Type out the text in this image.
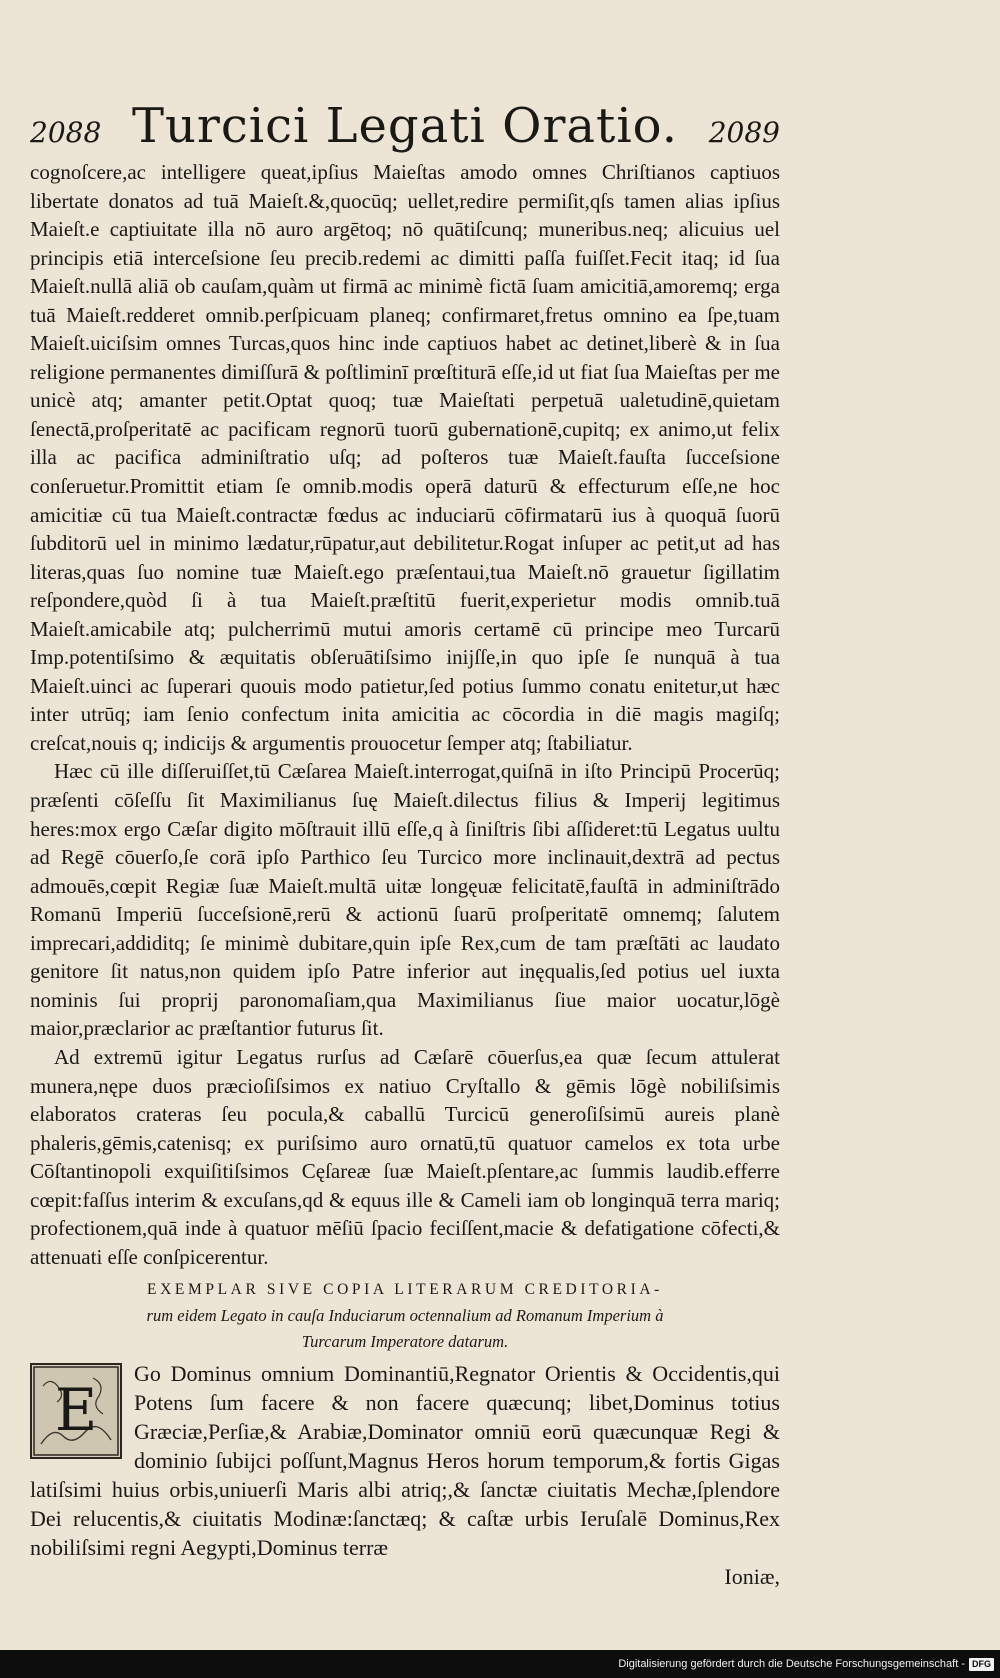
2088 Turcici Legati Oratio. 2089

cognoſcere,ac intelligere queat,ipſius Maieſtas amodo omnes Chriſtianos captiuos libertate donatos ad tuā Maieſt.&,quocūq; uellet,redire permiſit,qſs tamen alias ipſius Maieſt.e captiuitate illa nō auro argētoq; nō quātiſcunq; muneribus.neq; alicuius uel principis etiā interceſsione ſeu precib.redemi ac dimitti paſſa fuiſſet.Fecit itaq; id ſua Maieſt.nullā aliā ob cauſam,quàm ut firmā ac minimè fictā ſuam amicitiā,amoremq; erga tuā Maieſt.redderet omnib.perſpicuam planeq; confirmaret,fretus omnino ea ſpe,tuam Maieſt.uiciſsim omnes Turcas,quos hinc inde captiuos habet ac detinet,liberè & in ſua religione permanentes dimiſſurā & poſtliminī prœſtiturā eſſe,id ut fiat ſua Maieſtas per me unicè atq; amanter petit.Optat quoq; tuæ Maieſtati perpetuā ualetudinē,quietam ſenectā,proſperitatē ac pacificam regnorū tuorū gubernationē,cupitq; ex animo,ut felix illa ac pacifica adminiſtratio uſq; ad poſteros tuæ Maieſt.fauſta ſucceſsione conſeruetur.Promittit etiam ſe omnib.modis operā daturū & effecturum eſſe,ne hoc amicitiæ cū tua Maieſt.contractæ fœdus ac induciarū cōfirmatarū ius à quoquā ſuorū ſubditorū uel in minimo lædatur,rūpatur,aut debilitetur.Rogat inſuper ac petit,ut ad has literas,quas ſuo nomine tuæ Maieſt.ego præſentaui,tua Maieſt.nō grauetur ſigillatim reſpondere,quòd ſi à tua Maieſt.præſtitū fuerit,experietur modis omnib.tuā Maieſt.amicabile atq; pulcherrimū mutui amoris certamē cū principe meo Turcarū Imp.potentiſsimo & æquitatis obſeruātiſsimo inijſſe,in quo ipſe ſe nunquā à tua Maieſt.uinci ac ſuperari quouis modo patietur,ſed potius ſummo conatu enitetur,ut hæc inter utrūq; iam ſenio confectum inita amicitia ac cōcordia in diē magis magiſq; creſcat,nouis q; indicijs & argumentis prouocetur ſemper atq; ſtabiliatur.

Hæc cū ille diſſeruiſſet,tū Cæſarea Maieſt.interrogat,quiſnā in iſto Principū Procerūq; præſenti cōſeſſu ſit Maximilianus ſuę Maieſt.dilectus filius & Imperij legitimus heres:mox ergo Cæſar digito mōſtrauit illū eſſe,q à ſiniſtris ſibi aſſideret:tū Legatus uultu ad Regē cōuerſo,ſe corā ipſo Parthico ſeu Turcico more inclinauit,dextrā ad pectus admouēs,cœpit Regiæ ſuæ Maieſt.multā uitæ longęuæ felicitatē,fauſtā in adminiſtrādo Romanū Imperiū ſucceſsionē,rerū & actionū ſuarū proſperitatē omnemq; ſalutem imprecari,addiditq; ſe minimè dubitare,quin ipſe Rex,cum de tam præſtāti ac laudato genitore ſit natus,non quidem ipſo Patre inferior aut inęqualis,ſed potius uel iuxta nominis ſui proprij paronomaſiam,qua Maximilianus ſiue maior uocatur,lōgè maior,præclarior ac præſtantior futurus ſit.

Ad extremū igitur Legatus rurſus ad Cæſarē cōuerſus,ea quæ ſecum attulerat munera,nępe duos præcioſiſsimos ex natiuo Cryſtallo & gēmis lōgè nobiliſsimis elaboratos crateras ſeu pocula,& caballū Turcicū generoſiſsimū aureis planè phaleris,gēmis,catenisq; ex puriſsimo auro ornatū,tū quatuor camelos ex tota urbe Cōſtantinopoli exquiſitiſsimos Cęſareæ ſuæ Maieſt.pſentare,ac ſummis laudib.efferre cœpit:faſſus interim & excuſans,qd & equus ille & Cameli iam ob longinquā terra mariq; profectionem,quā inde à quatuor mēſiū ſpacio feciſſent,macie & defatigatione cōfecti,& attenuati eſſe conſpicerentur.

EXEMPLAR SIVE COPIA LITERARUM CREDITORIA-
rum eidem Legato in cauſa Induciarum octennalium ad Romanum Imperium à
Turcarum Imperatore datarum.
E

Go Dominus omnium Dominantiū,Regnator Orientis & Occidentis,qui Potens ſum facere & non facere quæcunq; libet,Dominus totius Græciæ,Perſiæ,& Arabiæ,Dominator omniū eorū quæcunquæ Regi & dominio ſubijci poſſunt,Magnus Heros horum temporum,& fortis Gigas latiſsimi huius orbis,uniuerſi Maris albi atriq;,& ſanctæ ciuitatis Mechæ,ſplendore Dei relucentis,& ciuitatis Modinæ:ſanctæq; & caſtæ urbis Ieruſalē Dominus,Rex nobiliſsimi regni Aegypti,Dominus terræ

Ioniæ,
Digitalisierung gefördert durch die Deutsche Forschungsgemeinschaft - DFG
